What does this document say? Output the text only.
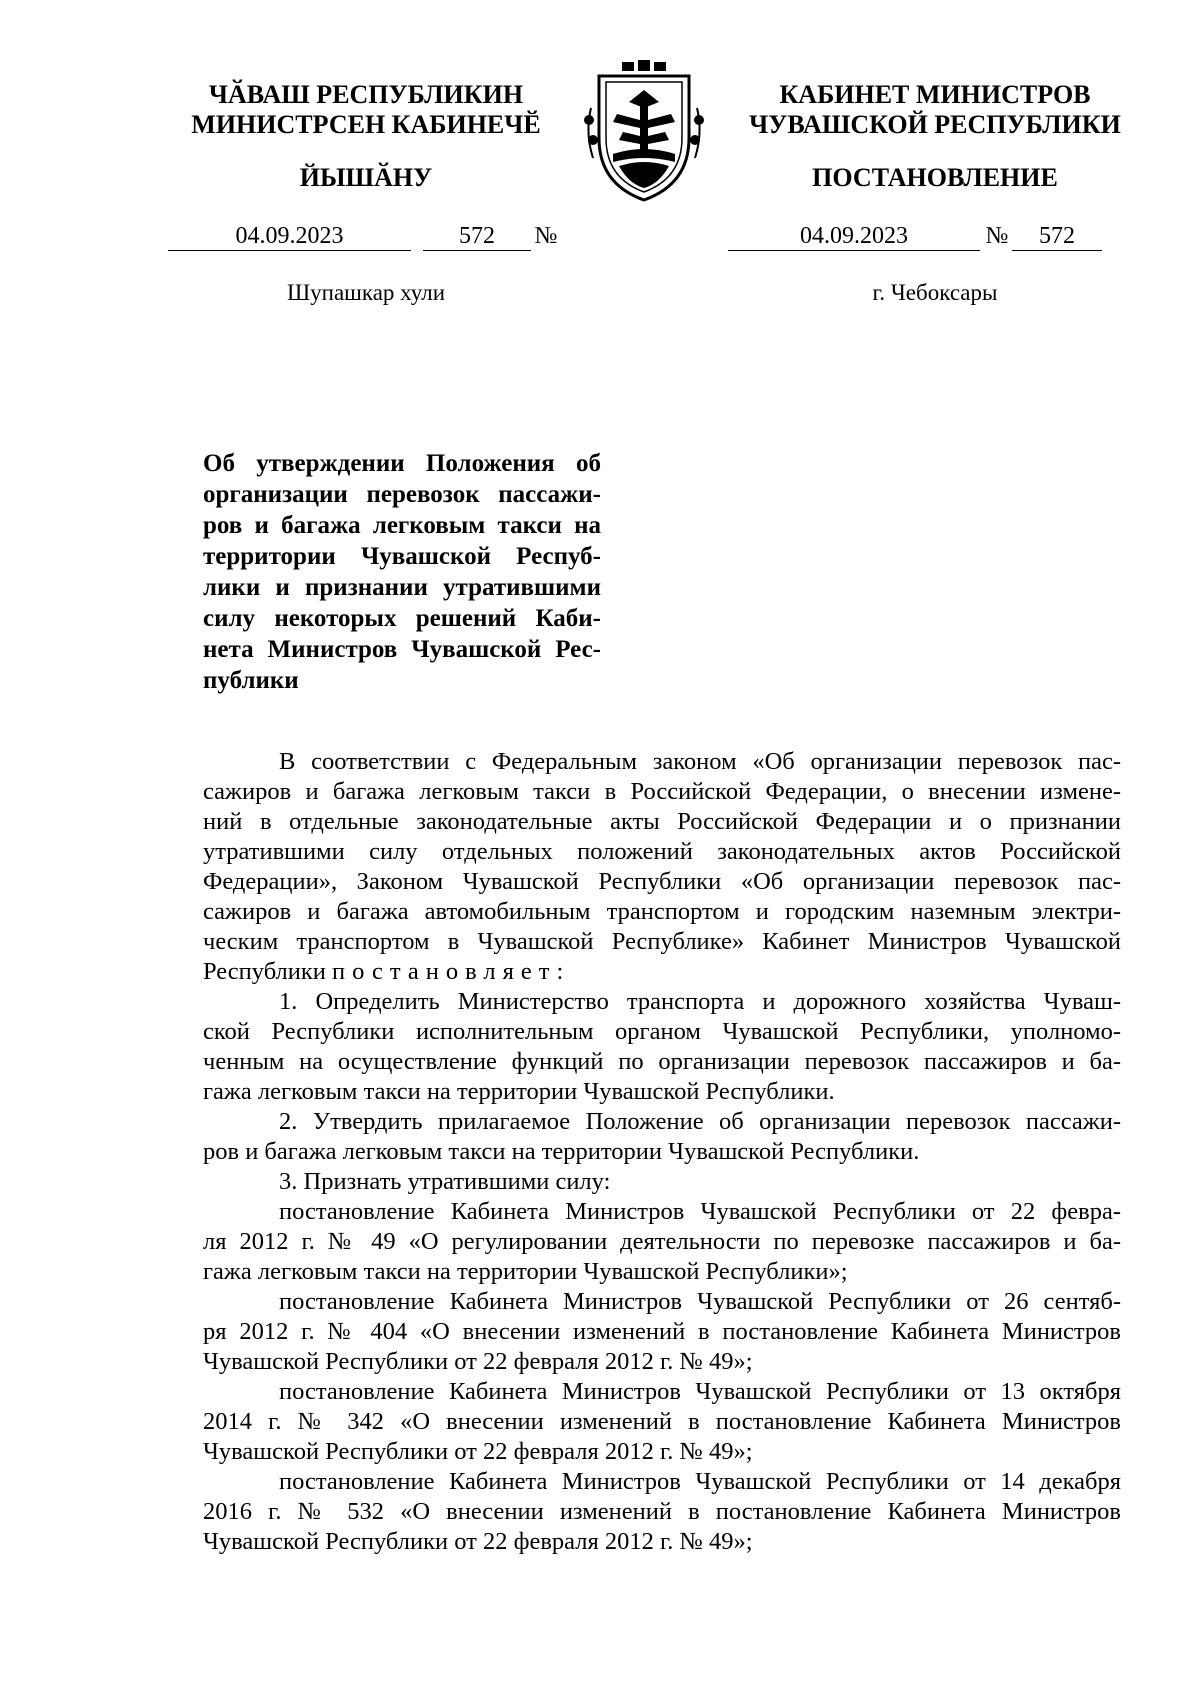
ЧӐВАШ РЕСПУБЛИКИН
МИНИСТРСЕН КАБИНЕЧӖ
ЙЫШӐНУ
КАБИНЕТ МИНИСТРОВ
ЧУВАШСКОЙ РЕСПУБЛИКИ
ПОСТАНОВЛЕНИЕ
04.09.2023	572	№	04.09.2023	№	572
Шупашкар хули	г. Чебоксары
Об утверждении Положения об
организации перевозок пассажи-
ров и багажа легковым такси на
территории Чувашской Респуб-
лики и признании утратившими
силу некоторых решений Каби-
нета Министров Чувашской Рес-
публики
В соответствии с Федеральным законом «Об организации перевозок пас-
сажиров и багажа легковым такси в Российской Федерации, о внесении измене-
ний в отдельные законодательные акты Российской Федерации и о признании
утратившими силу отдельных положений законодательных актов Российской
Федерации», Законом Чувашской Республики «Об организации перевозок пас-
сажиров и багажа автомобильным транспортом и городским наземным электри-
ческим транспортом в Чувашской Республике» Кабинет Министров Чувашской
Республики постановляет:
1. Определить Министерство транспорта и дорожного хозяйства Чуваш-
ской Республики исполнительным органом Чувашской Республики, уполномо-
ченным на осуществление функций по организации перевозок пассажиров и ба-
гажа легковым такси на территории Чувашской Республики.
2. Утвердить прилагаемое Положение об организации перевозок пассажи-
ров и багажа легковым такси на территории Чувашской Республики.
3. Признать утратившими силу:
постановление Кабинета Министров Чувашской Республики от 22 февра-
ля 2012 г. № 49 «О регулировании деятельности по перевозке пассажиров и ба-
гажа легковым такси на территории Чувашской Республики»;
постановление Кабинета Министров Чувашской Республики от 26 сентяб-
ря 2012 г. № 404 «О внесении изменений в постановление Кабинета Министров
Чувашской Республики от 22 февраля 2012 г. № 49»;
постановление Кабинета Министров Чувашской Республики от 13 октября
2014 г. № 342 «О внесении изменений в постановление Кабинета Министров
Чувашской Республики от 22 февраля 2012 г. № 49»;
постановление Кабинета Министров Чувашской Республики от 14 декабря
2016 г. № 532 «О внесении изменений в постановление Кабинета Министров
Чувашской Республики от 22 февраля 2012 г. № 49»;
